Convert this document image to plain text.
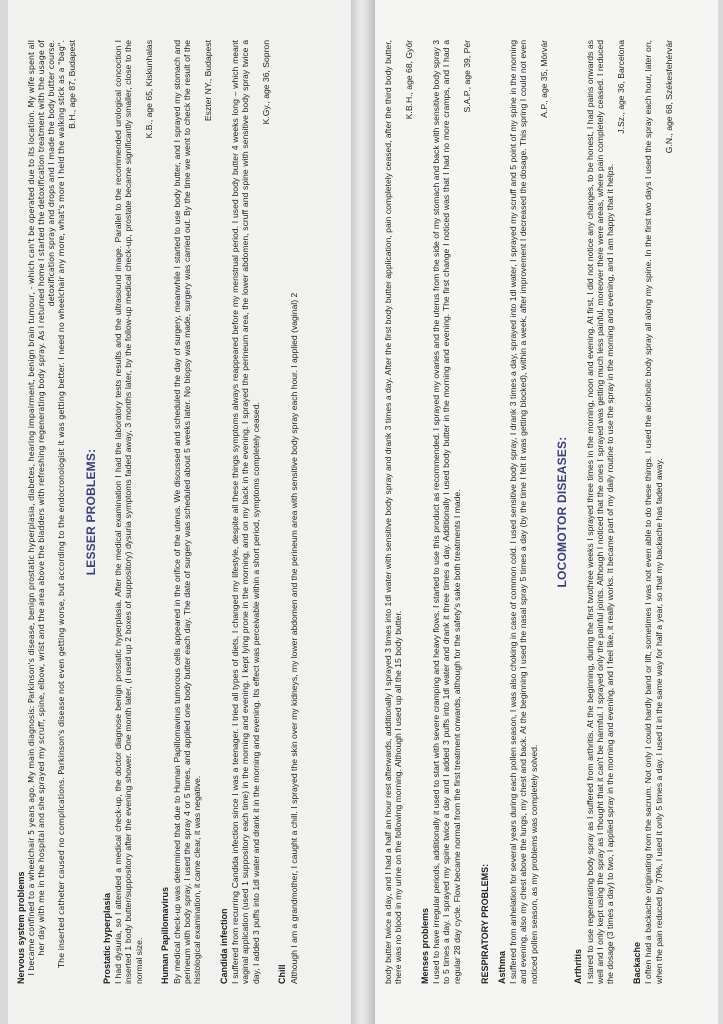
Nervous system problems I became confined to a wheelchair 5 years ago. My main diagnosis: Parkinson's disease, benign prostatic hyperplasia, diabetes, hearing impairment, benign brain tumour, - which can't be operated due to its location. My wife spent all her day with me in the hospital and she sprayed my scruff, spine, elbow, wrist and the area above the bladders with refreshing regenerating body spray. As I returned home I started the detoxification treatment with the usage of detoxification spray and drops and I made the body butter course. The inserted catheter caused no complications. Parkinson's disease not even getting worse, but according to the endocronologist it was getting better. I need no wheelchair any more, what's more I held the walking stick as a "bag". B.H., age 87, Budapest

LESSER PROBLEMS:
Prostatic hyperplasia I had dysuria, so I attended a medical check-up, the doctor diagnose benign prostatic hyperplasia. After the medical examination I had the laboratory tests results and the ultrasound image. Parallel to the recommended urological concoction I inserted 1 body butter/suppository after the evening shower. One month later, (I used up 2 boxes of suppository) dysuria symptoms faded away, 3 months later, by the follow-up medical check-up, prostate became significantly smaller, close to the normal size.

K.B., age 65, Kiskunhalas

Human Papillomavirus By medical check-up was determined that due to Human Papillomavirus tumorous cells appeared in the orifice of the uterus. We discussed and scheduled the day of surgery, meanwhile I started to use body butter, and I sprayed my stomach and perineum with body spray. I used the spray 4 or 5 times, and applied one body butter each day. The date of surgery was scheduled about 5 weeks later. No biopsy was made, surgery was carried out. By the time we went to check the result of the histological examination, it came clear, it was negative.

Eszter NY., Budapest

Candida infection I suffered from recurring Candida infection since I was a teenager. I tried all types of diets, I changed my lifestyle, despite all these things symptoms always reappeared before my menstrual period. I used body butter 4 weeks long – which meant vaginal application (used 1 suppository each time) in the morning and evening. I kept lying prone in the morning, and on my back in the evening. I sprayed the perineum area, the lower abdomen, scruff and spine with sensitive body spray twice a day, I added 3 puffs into 1dl water and drank it in the morning and evening. Its effect was perceivable within a short period, symptoms completely ceased.

K.Gy., age 36, Sopron

Chill Although I am a grandmother, I caught a chill. I sprayed the skin over my kidneys, my lower abdomen and the perineum area with sensitive body spray each hour. I applied (vaginal) 2	body butter twice a day, and I had a half an hour rest afterwards, additionally I sprayed 3 times into 1dl water with sensitive body spray and drank 3 times a day. After the first body butter application, pain completely ceased, after the third body butter, there was no blood in my urine on the following morning. Although I used up all the 15 body butter.

K.B.H., age 68, Győr

Menses problems I used to have irregular periods, additionally it used to start with severe cramping and heavy flows. I started to use this product as recommended. I sprayed my ovaries and the uterus from the side of my stomach and back with sensitive body spray 3 to 5 times a day. I sprayed my spine twice a day and I added 3 puffs into 1dl water and drank it three times a day. Additionally I used body butter in the morning and evening. The first change I noticed was that I had no more cramps, and I had a regular 28 day cycle. Flow became normal from the first treatment onwards, although for the safety's sake both treatments I made.

S.A.P., age 39, Pér

RESPIRATORY PROBLEMS: Asthma I suffered from anhelation for several years during each pollen season, I was also choking in case of common cold. I used sensitive body spray, I drank 3 times a day, sprayed into 1dl water, I sprayed my scruff and 5 point of my spine in the morning and evening, also my chest above the lungs, my chest and back. At the beginning I used the nasal spray 5 times a day (by the time I felt it was getting blocked), within a week, after improvement I decreased the dosage. This spring I could not even noticed pollen season, as my problems was completely solved.

A.P., age 35, Mórvár

LOCOMOTOR DISEASES:
Arthritis I stared to use regenerating body spray as I suffered from arthritis. At the beginning, during the first twothree weeks I sprayed three times in the morning, noon and evening. At first, I did not notice any changes, to be honest, I had pains onwards as well and I only kept using the spray as I thought that it can't be harmful. I sprayed only the painful joints. Although I noticed that the ones I sprayed was getting much less painful, moreover there were areas, where pain completely ceased. I reduced the dosage (3 times a day) to two, I applied spray in the morning and evening, and I feel like, it really works. It became part of my daily routine to use the spray in the morning and evening, and I am happy that it helps.

J.Sz., age 36, Barcelona

Backache I often had a backache originating from the sacrum. Not only I could hardly band or lift, sometimes I was not even able to do these things. I used the alcoholic body spray all along my spine. In the first two days I used the spray each hour, later on, when the pain reduced by 70%, I used it only 5 times a day. I used it in the same way for half a year, so that my backache has faded away.

G.N., age 68, Székesfehérvár
